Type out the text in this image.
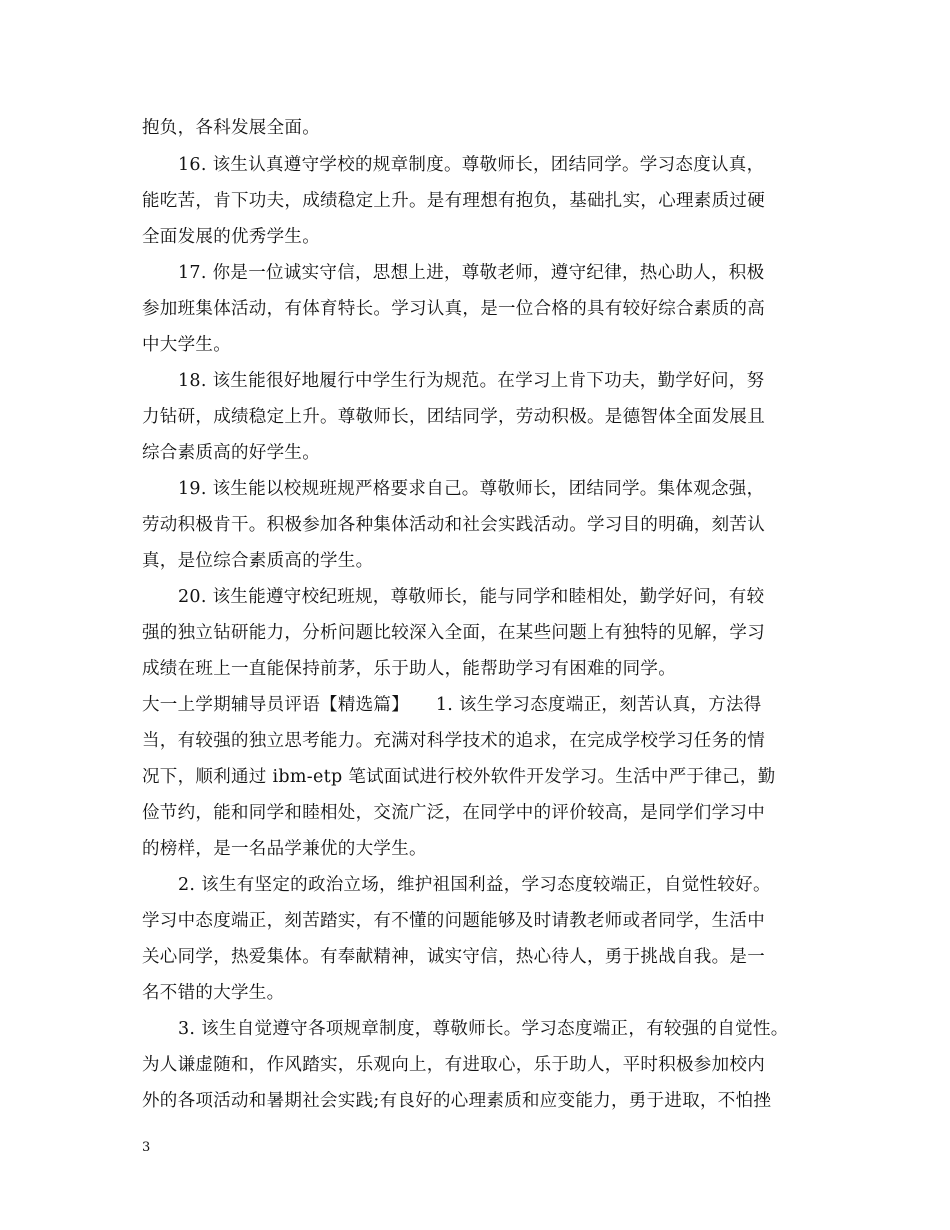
抱负，各科发展全面。
16. 该生认真遵守学校的规章制度。尊敬师长，团结同学。学习态度认真，
能吃苦，肯下功夫，成绩稳定上升。是有理想有抱负，基础扎实，心理素质过硬
全面发展的优秀学生。
17. 你是一位诚实守信，思想上进，尊敬老师，遵守纪律，热心助人，积极
参加班集体活动，有体育特长。学习认真，是一位合格的具有较好综合素质的高
中大学生。
18. 该生能很好地履行中学生行为规范。在学习上肯下功夫，勤学好问，努
力钻研，成绩稳定上升。尊敬师长，团结同学，劳动积极。是德智体全面发展且
综合素质高的好学生。
19. 该生能以校规班规严格要求自己。尊敬师长，团结同学。集体观念强，
劳动积极肯干。积极参加各种集体活动和社会实践活动。学习目的明确，刻苦认
真，是位综合素质高的学生。
20. 该生能遵守校纪班规，尊敬师长，能与同学和睦相处，勤学好问，有较
强的独立钻研能力，分析问题比较深入全面，在某些问题上有独特的见解，学习
成绩在班上一直能保持前茅，乐于助人，能帮助学习有困难的同学。
大一上学期辅导员评语【精选篇】　　1. 该生学习态度端正，刻苦认真，方法得
当，有较强的独立思考能力。充满对科学技术的追求，在完成学校学习任务的情
况下，顺利通过 ibm-etp 笔试面试进行校外软件开发学习。生活中严于律己，勤
俭节约，能和同学和睦相处，交流广泛，在同学中的评价较高，是同学们学习中
的榜样，是一名品学兼优的大学生。
2. 该生有坚定的政治立场，维护祖国利益，学习态度较端正，自觉性较好。
学习中态度端正，刻苦踏实，有不懂的问题能够及时请教老师或者同学，生活中
关心同学，热爱集体。有奉献精神，诚实守信，热心待人，勇于挑战自我。是一
名不错的大学生。
3. 该生自觉遵守各项规章制度，尊敬师长。学习态度端正，有较强的自觉性。
为人谦虚随和，作风踏实，乐观向上，有进取心，乐于助人，平时积极参加校内
外的各项活动和暑期社会实践;有良好的心理素质和应变能力，勇于进取，不怕挫
3
